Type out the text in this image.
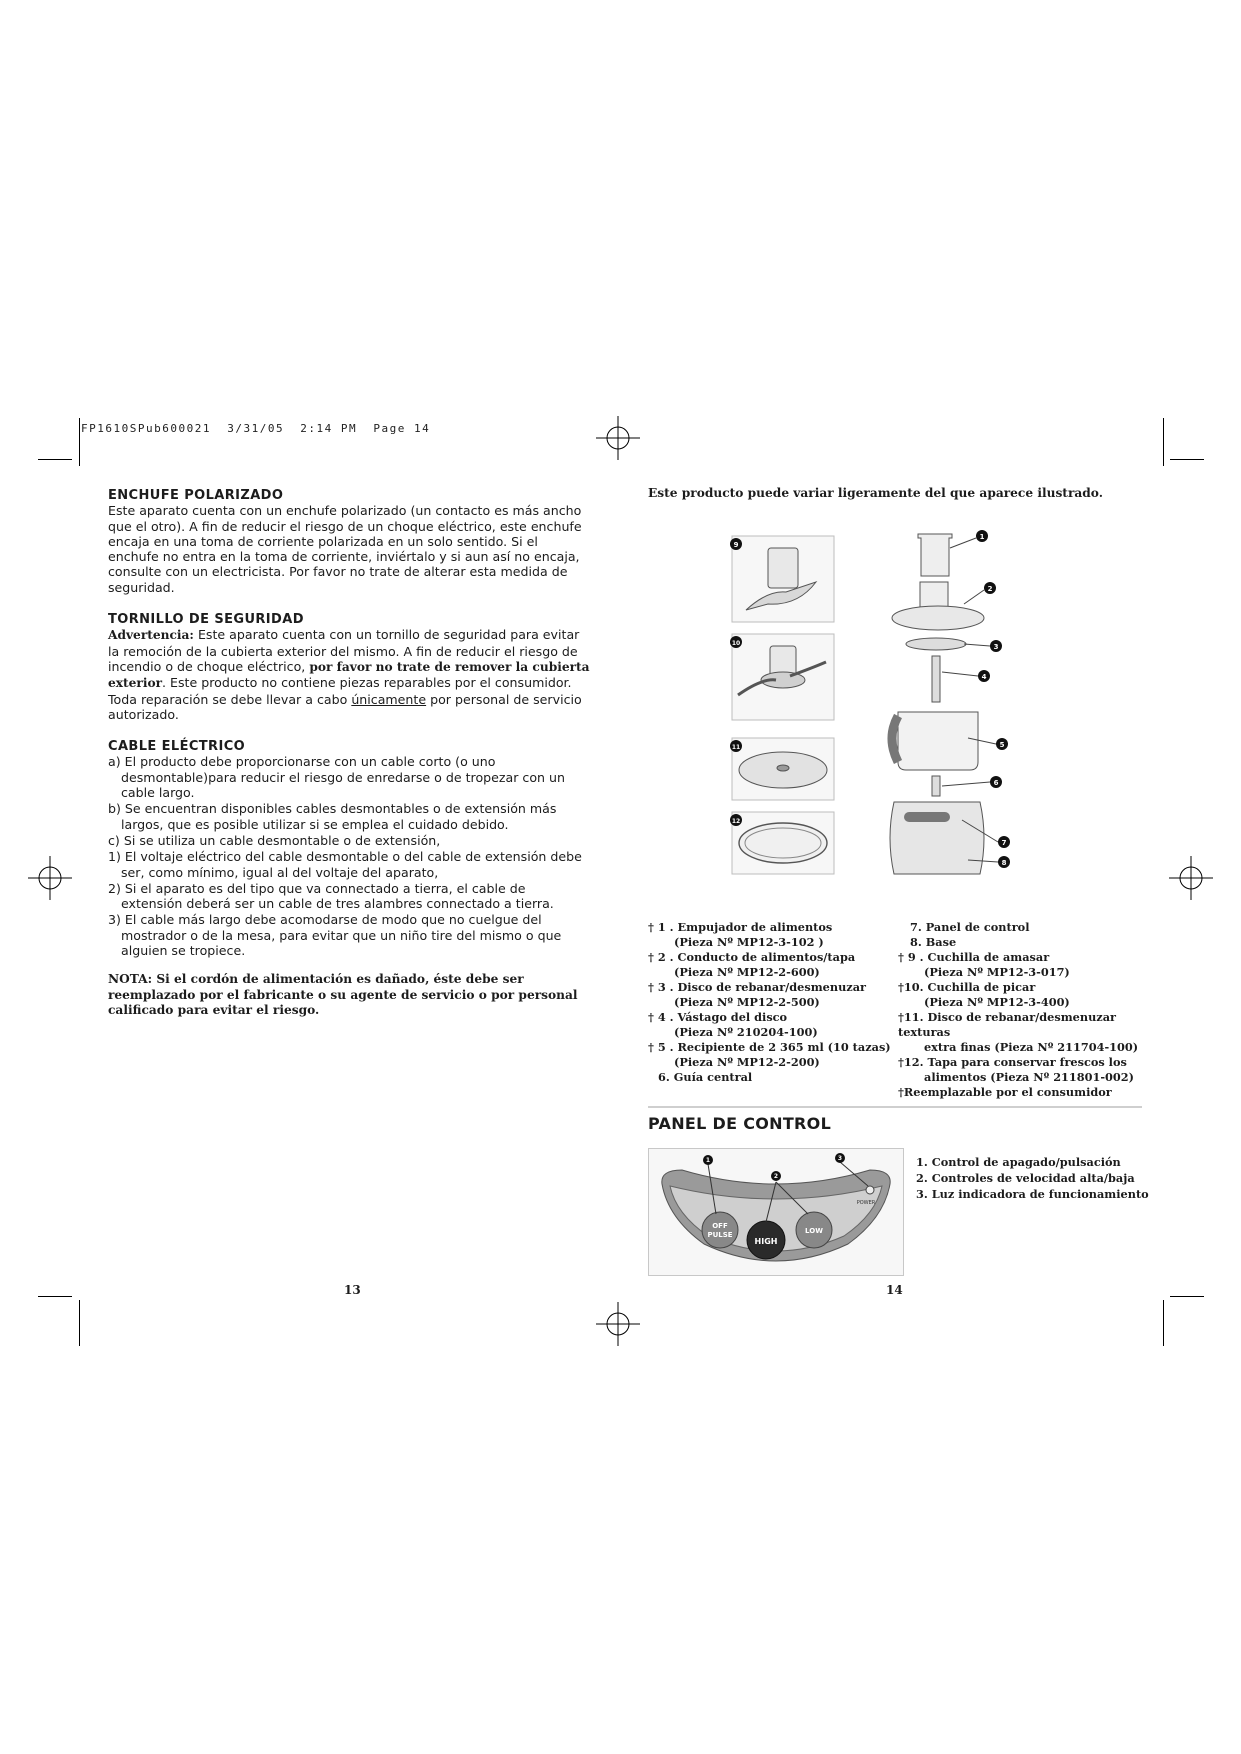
FP1610SPub600021  3/31/05  2:14 PM  Page 14
ENCHUFE POLARIZADO

Este aparato cuenta con un enchufe polarizado (un contacto es más ancho que el otro). A fin de reducir el riesgo de un choque eléctrico, este enchufe encaja en una toma de corriente polarizada en un solo sentido. Si el enchufe no entra en la toma de corriente, inviértalo y si aun así no encaja, consulte con un electricista. Por favor no trate de alterar esta medida de seguridad.

TORNILLO DE SEGURIDAD

Advertencia: Este aparato cuenta con un tornillo de seguridad para evitar la remoción de la cubierta exterior del mismo. A fin de reducir el riesgo de incendio o de choque eléctrico, por favor no trate de remover la cubierta exterior. Este producto no contiene piezas reparables por el consumidor. Toda reparación se debe llevar a cabo únicamente por personal de servicio autorizado.

CABLE ELÉCTRICO

a) El producto debe proporcionarse con un cable corto (o uno desmontable)para reducir el riesgo de enredarse o de tropezar con un cable largo.

b) Se encuentran disponibles cables desmontables o de extensión más largos, que es posible utilizar si se emplea el cuidado debido.

c) Si se utiliza un cable desmontable o de extensión,

1) El voltaje eléctrico del cable desmontable o del cable de extensión debe ser, como mínimo, igual al del voltaje del aparato,

2) Si el aparato es del tipo que va connectado a tierra, el cable de extensión deberá ser un cable de tres alambres connectado a tierra.

3) El cable más largo debe acomodarse de modo que no cuelgue del mostrador o de la mesa, para evitar que un niño tire del mismo o que alguien se tropiece.

NOTA: Si el cordón de alimentación es dañado, éste debe ser reemplazado por el fabricante o su agente de servicio o por personal calificado para evitar el riesgo.

13
Este producto puede variar ligeramente del que aparece ilustrado.
1
2
3
4
5
6
7
8
9
10
11
12
† 1 . Empujador de alimentos
(Pieza Nº MP12-3-102 )
† 2 . Conducto de alimentos/tapa
(Pieza Nº MP12-2-600)
† 3 . Disco de rebanar/desmenuzar
(Pieza Nº MP12-2-500)
† 4 . Vástago del disco
(Pieza Nº 210204-100)
† 5 . Recipiente de 2 365 ml (10 tazas)
(Pieza Nº MP12-2-200)
6. Guía central
7. Panel de control
8. Base
† 9 . Cuchilla de amasar
(Pieza Nº MP12-3-017)
†10. Cuchilla de picar
(Pieza Nº MP12-3-400)
†11. Disco de rebanar/desmenuzar texturas
extra finas (Pieza Nº 211704-100)
†12. Tapa para conservar frescos los
alimentos (Pieza Nº 211801-002)
†Reemplazable por el consumidor
PANEL DE CONTROL
OFF
PULSE
HIGH
LOW
POWER
1
2
3	1. Control de apagado/pulsación
2. Controles de velocidad alta/baja
3. Luz indicadora de funcionamiento
14
